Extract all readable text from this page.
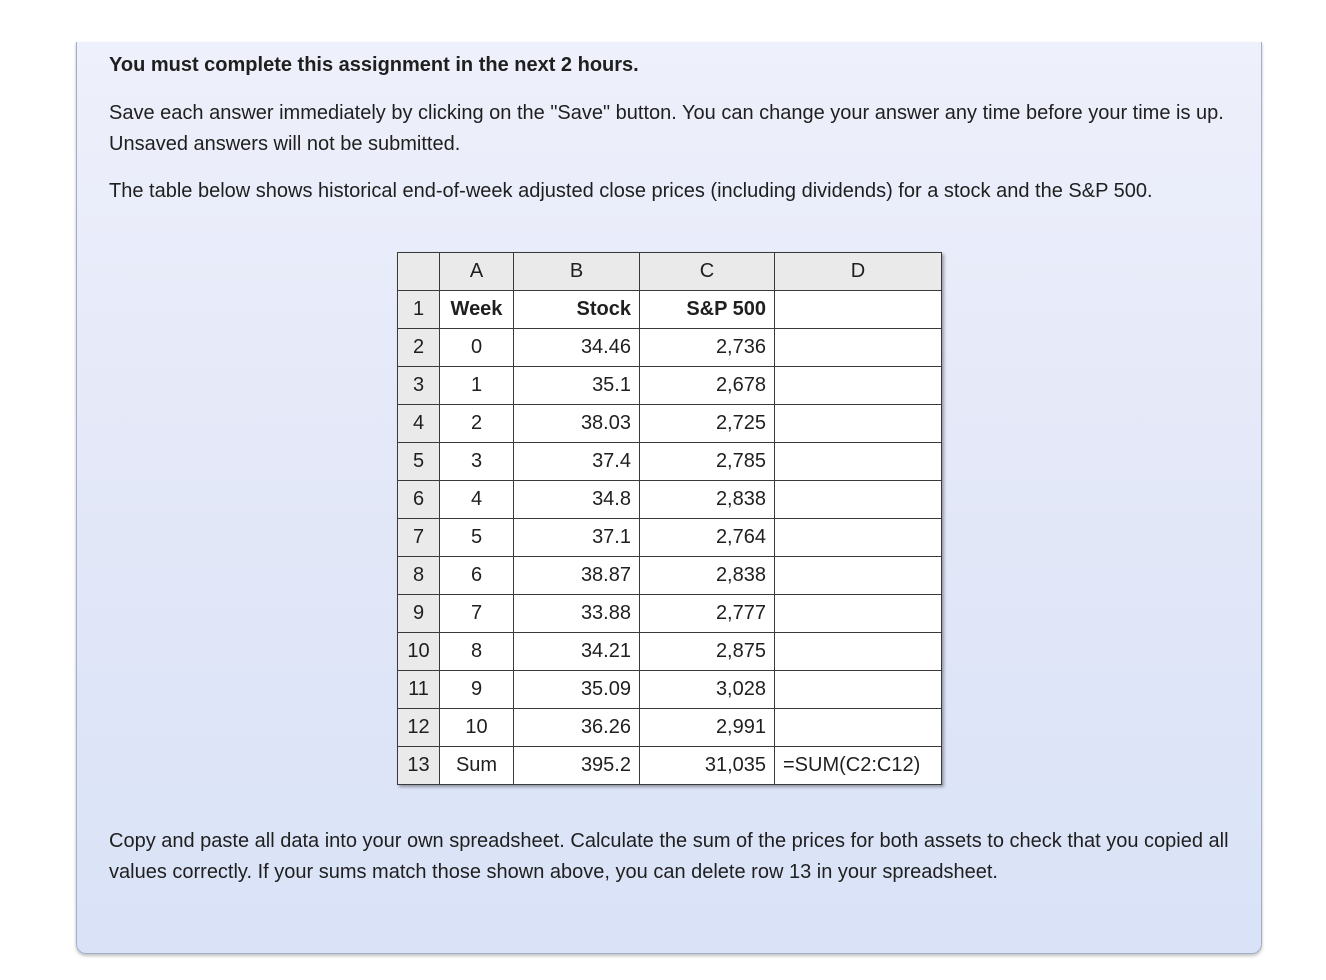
You must complete this assignment in the next 2 hours.

Save each answer immediately by clicking on the "Save" button. You can change your answer any time before your time is up. Unsaved answers will not be submitted.

The table below shows historical end-of-week adjusted close prices (including dividends) for a stock and the S&P 500.

	A	B	C	D
1	Week	Stock	S&P 500	
2	0	34.46	2,736	
3	1	35.1	2,678	
4	2	38.03	2,725	
5	3	37.4	2,785	
6	4	34.8	2,838	
7	5	37.1	2,764	
8	6	38.87	2,838	
9	7	33.88	2,777	
10	8	34.21	2,875	
11	9	35.09	3,028	
12	10	36.26	2,991	
13	Sum	395.2	31,035	=SUM(C2:C12)

Copy and paste all data into your own spreadsheet. Calculate the sum of the prices for both assets to check that you copied all values correctly. If your sums match those shown above, you can delete row 13 in your spreadsheet.
